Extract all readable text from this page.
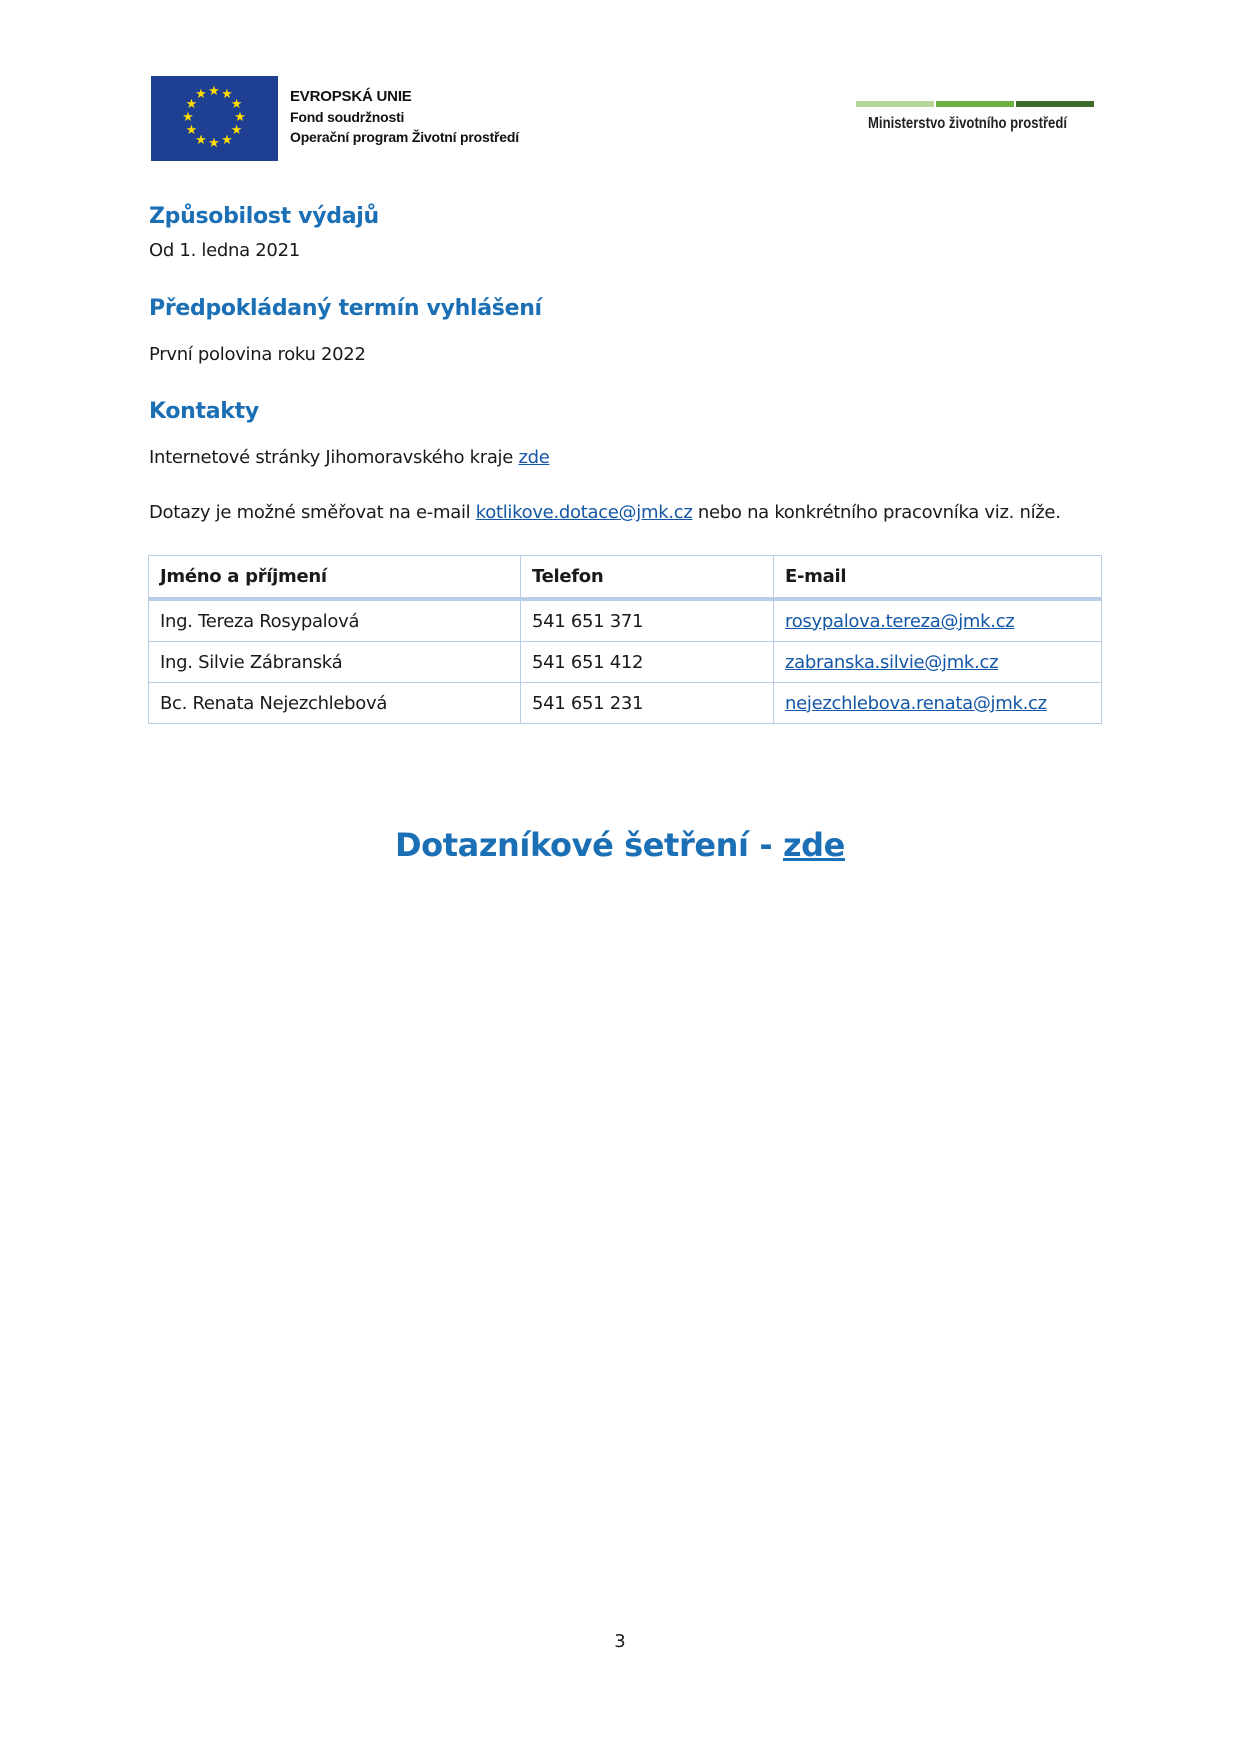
★ ★
★
★
★
★
★
★
★
★
★
★	EVROPSKÁ UNIE
Fond soudržnosti
Operační program Životní prostředí
Ministerstvo životního prostředí
Způsobilost výdajů
Od 1. ledna 2021
Předpokládaný termín vyhlášení
První polovina roku 2022
Kontakty
Internetové stránky Jihomoravského kraje zde
Dotazy je možné směřovat na e-mail kotlikove.dotace@jmk.cz nebo na konkrétního pracovníka viz. níže.
Jméno a příjmení	Telefon	E-mail
Ing. Tereza Rosypalová	541 651 371	rosypalova.tereza@jmk.cz
Ing. Silvie Zábranská	541 651 412	zabranska.silvie@jmk.cz
Bc. Renata Nejezchlebová	541 651 231	nejezchlebova.renata@jmk.cz
Dotazníkové šetření - zde
3
